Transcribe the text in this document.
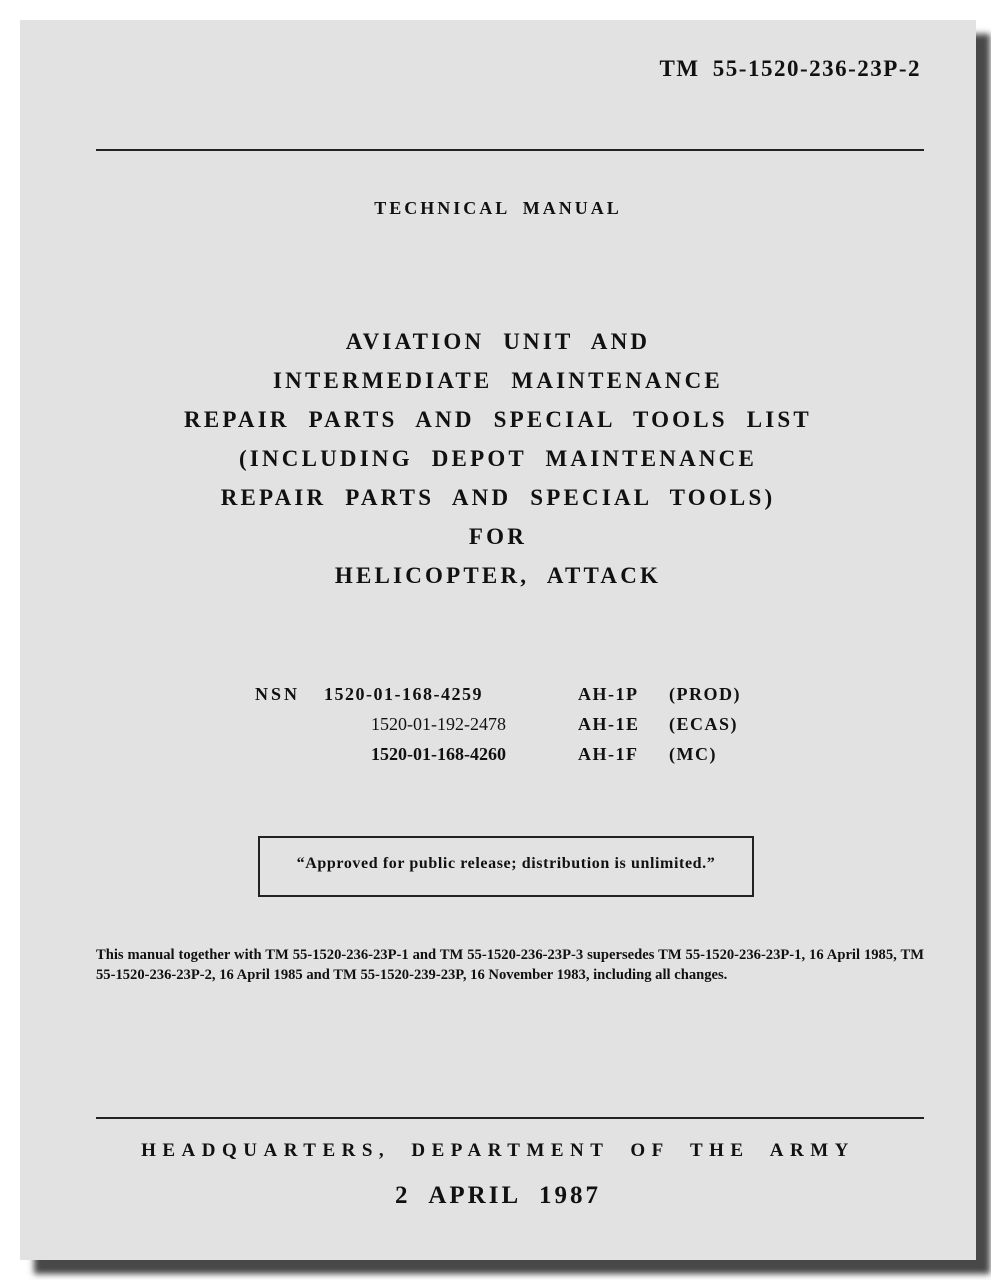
TM 55-1520-236-23P-2
TECHNICAL MANUAL
AVIATION UNIT AND
INTERMEDIATE MAINTENANCE
REPAIR PARTS AND SPECIAL TOOLS LIST
(INCLUDING DEPOT MAINTENANCE
REPAIR PARTS AND SPECIAL TOOLS)
FOR
HELICOPTER, ATTACK
NSN 1520-01-168-4259	AH-1P (PROD)
1520-01-192-2478	AH-1E (ECAS)
1520-01-168-4260	AH-1F (MC)
“Approved for public release; distribution is unlimited.”
This manual together with TM 55-1520-236-23P-1 and TM 55-1520-236-23P-3 supersedes TM 55-1520-236-23P-1, 16 April 1985, TM 55-1520-236-23P-2, 16 April 1985 and TM 55-1520-239-23P, 16 November 1983, including all changes.
HEADQUARTERS, DEPARTMENT OF THE ARMY
2 APRIL 1987
